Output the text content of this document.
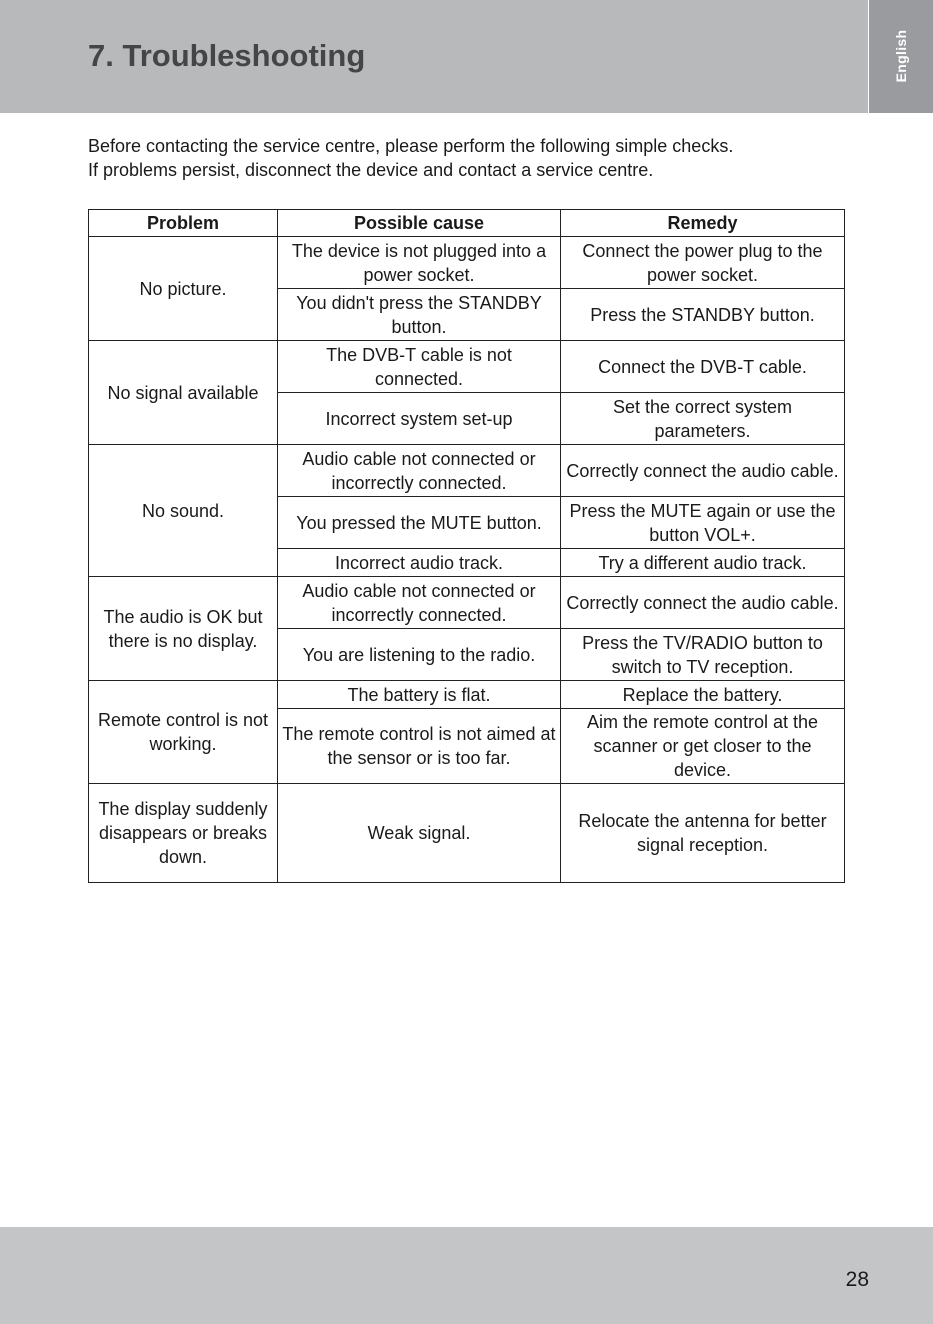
7. Troubleshooting	English

Before contacting the service centre, please perform the following simple checks.

If problems persist, disconnect the device and contact a service centre.

Problem	Possible cause	Remedy
No picture.	The device is not plugged into a power socket.	Connect the power plug to the power socket.
	You didn't press the STANDBY button.	Press the STANDBY button.
No signal available	The DVB-T cable is not connected.	Connect the DVB-T cable.
	Incorrect system set-up	Set the correct system parameters.
No sound.	Audio cable not connected or incorrectly connected.	Correctly connect the audio cable.
	You pressed the MUTE button.	Press the MUTE again or use the button VOL+.
	Incorrect audio track.	Try a different audio track.
The audio is OK but there is no display.	Audio cable not connected or incorrectly connected.	Correctly connect the audio cable.
	You are listening to the radio.	Press the TV/RADIO button to switch to TV reception.
Remote control is not working.	The battery is flat.	Replace the battery.
	The remote control is not aimed at the sensor or is too far.	Aim the remote control at the scanner or get closer to the device.
The display suddenly disappears or breaks down.	Weak signal.	Relocate the antenna for better signal reception.
28
